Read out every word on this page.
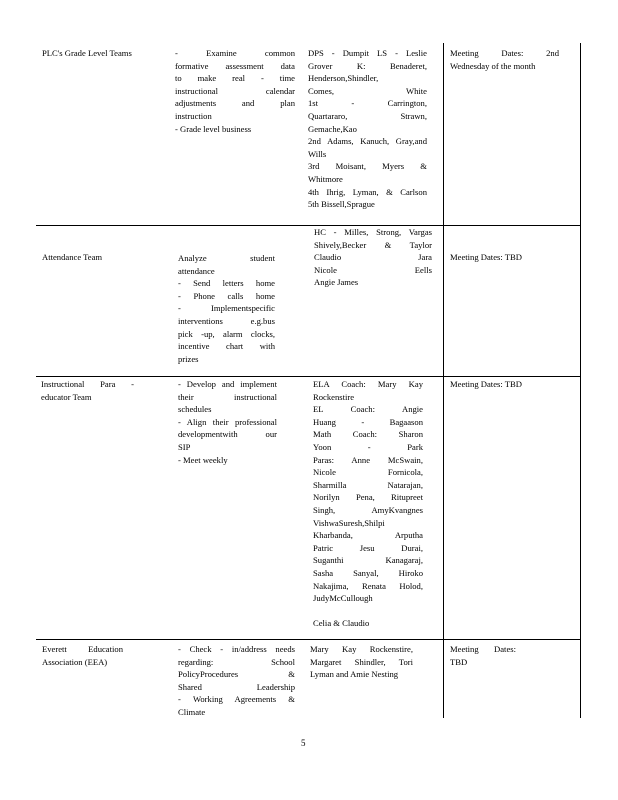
PLC's Grade Level Teams	- Examine common
formative assessment data
to make real - time
instructional calendar
adjustments and plan
instruction
- Grade level business
DPS - Dumpit LS - Leslie
Grover K: Benaderet,
Henderson,Shindler,
Comes, White
1st - Carrington,
Quartararo, Strawn,
Gemache,Kao
2nd Adams, Kanuch, Gray,and
Wills
3rd Moisant, Myers &
Whitmore
4th Ihrig, Lyman, & Carlson
5th Bissell,Sprague
Meeting Dates: 2nd
Wednesday of the month
Attendance Team	Analyze student
attendance
- Send letters home
- Phone calls home
- Implementspecific
interventions e.g.bus
pick -up, alarm clocks,
incentive chart with
prizes
HC - Milles, Strong, Vargas
Shively,Becker & Taylor
Claudio Jara
Nicole Eells
Angie James
Meeting Dates: TBD
Instructional Para -
educator Team
- Develop and implement
their instructional
schedules
- Align their professional
developmentwith our
SIP
- Meet weekly
ELA Coach: Mary Kay
Rockenstire
EL Coach: Angie
Huang - Bagaason
Math Coach: Sharon
Yoon - Park
Paras: Anne McSwain,
Nicole Fornicola,
Sharmilla Natarajan,
Norilyn Pena, Ritupreet
Singh, AmyKvangnes
VishwaSuresh,Shilpi
Kharbanda, Arputha
Patric Jesu Durai,
Suganthi Kanagaraj,
Sasha Sanyal, Hiroko
Nakajima, Renata Holod,
JudyMcCullough

Celia & Claudio
Meeting Dates: TBD
Everett Education
Association (EEA)
- Check - in/address needs
regarding: School
PolicyProcedures &
Shared Leadership
- Working Agreements &
Climate
Mary Kay Rockenstire,
Margaret Shindler, Tori
Lyman and Amie Nesting
Meeting Dates:
TBD
5
